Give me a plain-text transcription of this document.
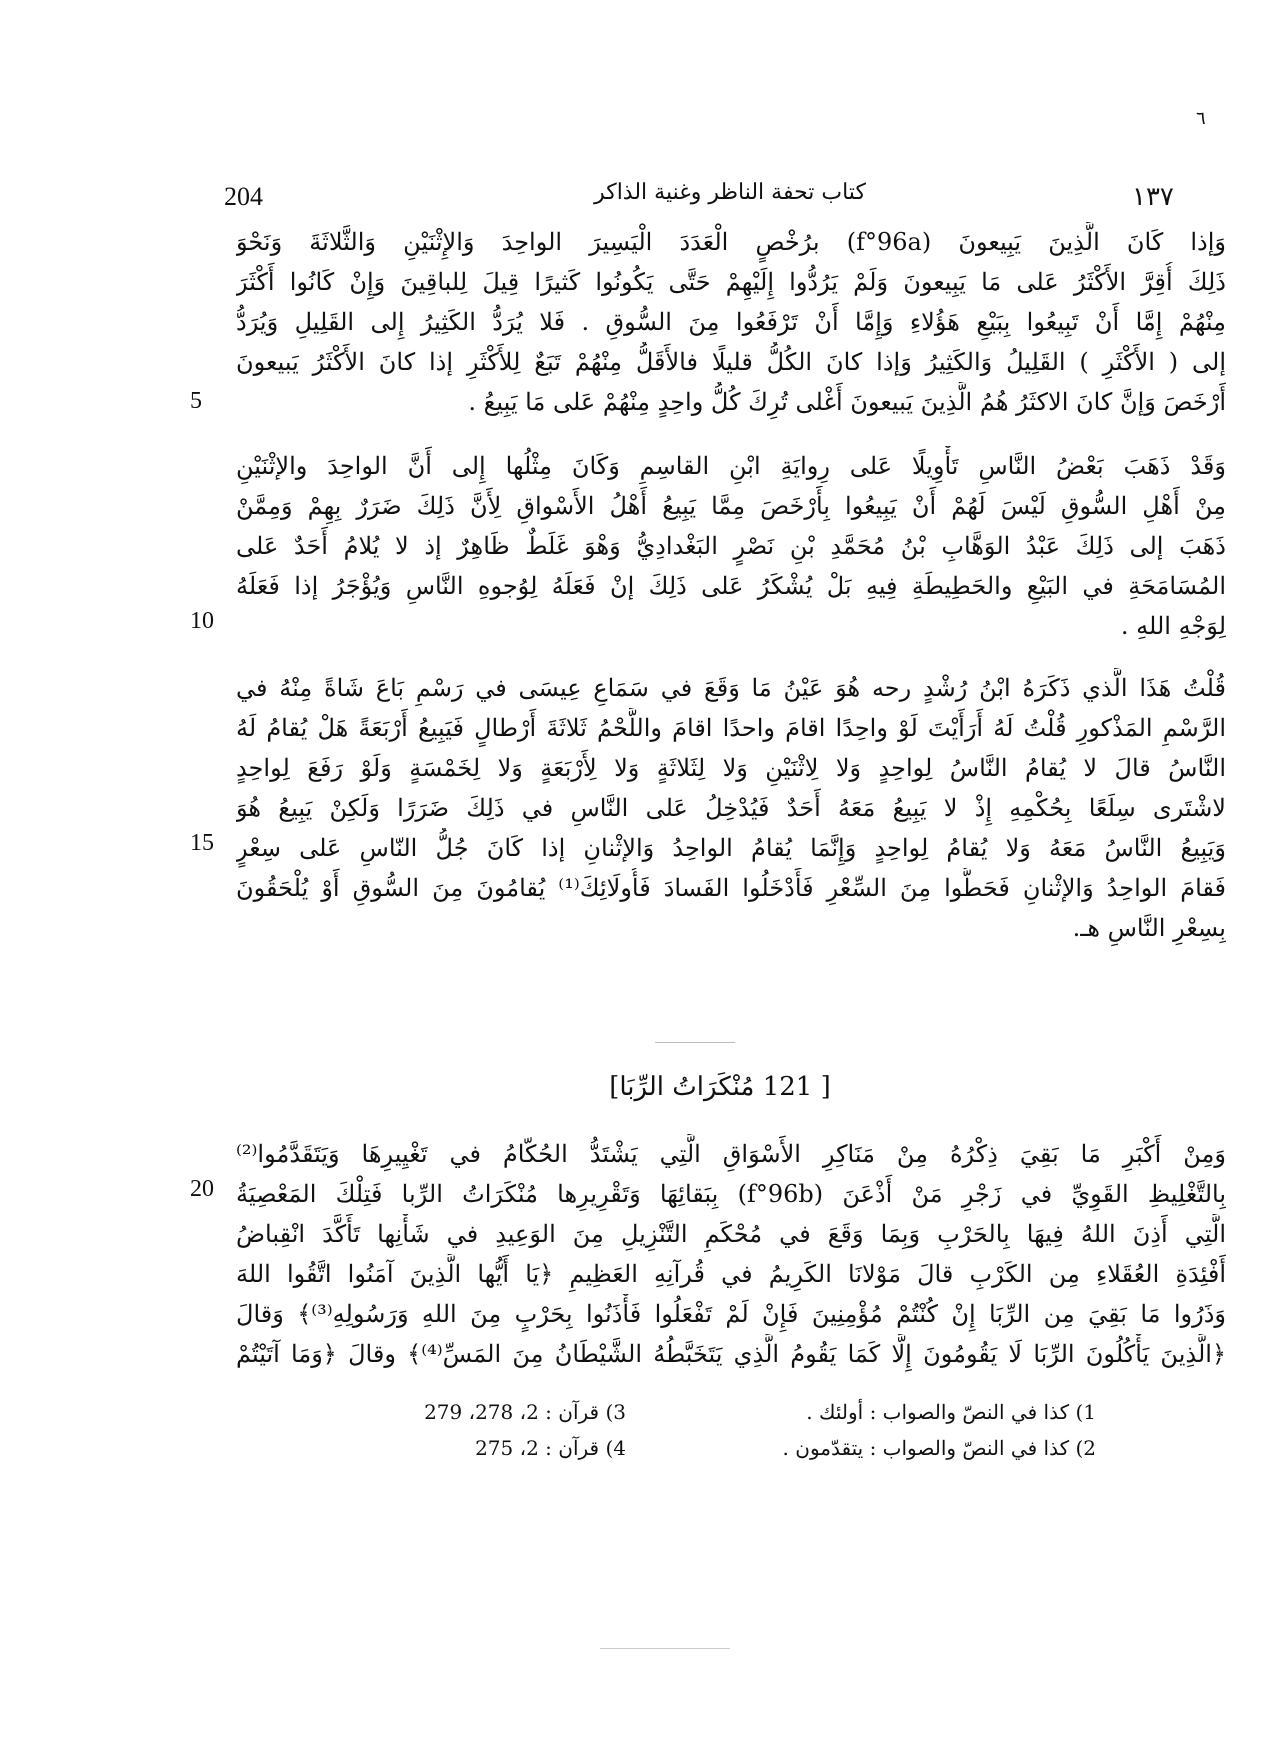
٦
204	كتاب تحفة الناظر وغنية الذاكر	١٣٧
وَإذا كَانَ الَّذِينَ يَبِيعونَ (f°96a) برُخْصٍ الْعَدَدَ الْيَسِيرَ الواحِدَ وَالإِثْنَيْنِ وَالثَّلاثَةَ وَنَحْوَ
ذَلِكَ أُقِرَّ الأَكْثَرُ عَلى مَا يَبِيعونَ وَلَمْ يَرُدُّوا إِلَيْهِمْ حَتَّى يَكُونُوا كَثيرًا قِيلَ لِلباقِينَ وَإِنْ كَانُوا أَكْثَرَ
مِنْهُمْ إِمَّا أَنْ تَبِيعُوا بِبَيْعِ هَؤُلاءِ وَإِمَّا أَنْ تَرْفَعُوا مِنَ السُّوقِ . فَلا يُرَدُّ الكَثِيرُ إِلى القَلِيلِ وَيُرَدُّ
إلى ( الأَكْثَرِ ) القَلِيلُ وَالكَثِيرُ وَإذا كانَ الكُلُّ قليلًا فالأَقَلُّ مِنْهُمْ تَبَعٌ لِلأَكْثَرِ إذا كانَ الأَكْثَرُ يَبيعونَ
أَرْخَصَ وَإنَّ كانَ الاكثَرُ هُمُ الَّذِينَ يَبيعونَ أَغْلى تُرِكَ كُلُّ واحِدٍ مِنْهُمْ عَلى مَا يَبِيعُ .
5
وَقَدْ ذَهَبَ بَعْضُ النَّاسِ تَأْوِيلًا عَلى رِوايَةِ ابْنِ القاسِمِ وَكَانَ مِثْلُها إِلى أَنَّ الواحِدَ والإثْنَيْنِ
مِنْ أَهْلِ السُّوقِ لَيْسَ لَهُمْ أَنْ يَبِيعُوا بِأَرْخَصَ مِمَّا يَبِيعُ أَهْلُ الأَسْواقِ لِأَنَّ ذَلِكَ ضَرَرٌ بِهِمْ وَمِمَّنْ
ذَهَبَ إلى ذَلِكَ عَبْدُ الوَهَّابِ بْنُ مُحَمَّدِ بْنِ نَصْرٍ البَغْدادِيُّ وَهْوَ غَلَطٌ ظَاهِرٌ إذ لا يُلامُ أَحَدٌ عَلى
المُسَامَحَةِ في البَيْعِ والحَطِيطَةِ فِيهِ بَلْ يُشْكَرُ عَلى ذَلِكَ إنْ فَعَلَهُ لِوُجوهِ النَّاسِ وَيُؤْجَرُ إذا فَعَلَهُ
لِوَجْهِ اللهِ .
10
قُلْتُ هَذَا الَّذي ذَكَرَهُ ابْنُ رُشْدٍ رحه هُوَ عَيْنُ مَا وَقَعَ في سَمَاعِ عِيسَى في رَسْمِ بَاعَ شَاةً مِنْهُ في
الرَّسْمِ المَذْكورِ قُلْتُ لَهُ أَرَأَيْتَ لَوْ واحِدًا اقامَ واحدًا اقامَ واللَّحْمُ ثَلاثَةَ أَرْطالٍ فَيَبِيعُ أَرْبَعَةً هَلْ يُقامُ لَهُ
النَّاسُ قالَ لا يُقامُ النَّاسُ لِواحِدٍ وَلا لِاثْنَيْنِ وَلا لِثَلاثَةٍ وَلا لِأَرْبَعَةٍ وَلا لِخَمْسَةٍ وَلَوْ رَفَعَ لِواحِدٍ
لاشْتَرى سِلَعًا بِحُكْمِهِ إِذْ لا يَبِيعُ مَعَهُ أَحَدٌ فَيُدْخِلُ عَلى النَّاسِ في ذَلِكَ ضَرَرًا وَلَكِنْ يَبِيعُ هُوَ
وَيَبِيعُ النَّاسُ مَعَهُ وَلا يُقامُ لِواحِدٍ وَإِنَّمَا يُقامُ الواحِدُ وَالإثْنانِ إذا كَانَ جُلُّ النّاسِ عَلى سِعْرٍ
15
فَقامَ الواحِدُ وَالإثْنانِ فَحَطُّوا مِنَ السِّعْرِ فَأَدْخَلُوا الفَسادَ فَأُولَائِكَ⁽¹⁾ يُقامُونَ مِنَ السُّوقِ أَوْ يُلْحَقُونَ
بِسِعْرِ النَّاسِ هـ.
[ 121 مُنْكَرَاتُ الرِّبَا]
وَمِنْ أَكْبَرِ مَا بَقِيَ ذِكْرُهُ مِنْ مَنَاكِرِ الأَسْوَاقِ الَّتِي يَشْتَدُّ الحُكّامُ في تَغْيِيرِهَا وَيَتَقَدَّمُوا⁽²⁾
بِالتَّغْلِيظِ القَوِيِّ في زَجْرِ مَنْ أَذْعَنَ (f°96b) بِبَقائِهَا وَتَقْرِيرِها مُنْكَرَاتُ الرِّبا فَتِلْكَ المَعْصِيَةُ
20
الَّتِي أَذِنَ اللهُ فِيهَا بِالحَرْبِ وَبِمَا وَقَعَ في مُحْكَمِ التَّنْزِيلِ مِنَ الوَعِيدِ في شَأْنِها تَأَكَّدَ انْقِباضُ
أَفْئِدَةِ العُقَلاءِ مِن الكَرْبِ قالَ مَوْلانَا الكَرِيمُ في قُرآنِهِ العَظِيمِ ﴿يَا أَيُّها الَّذِينَ آمَنُوا اتَّقُوا اللهَ
وَذَرُوا مَا بَقِيَ مِن الرِّبَا إِنْ كُنْتُمْ مُؤْمِنِينَ فَإِنْ لَمْ تَفْعَلُوا فَأْذَنُوا بِحَرْبٍ مِنَ اللهِ وَرَسُولِهِ⁽³⁾﴾ وَقالَ
﴿الَّذِينَ يَأْكُلُونَ الرِّبَا لَا يَقُومُونَ إِلَّا كَمَا يَقُومُ الَّذِي يَتَخَبَّطُهُ الشَّيْطَانُ مِنَ المَسِّ⁽⁴⁾﴾ وقالَ ﴿وَمَا آتَيْتُمْ
1) كذا في النصّ والصواب : أولئك .
2) كذا في النصّ والصواب : يتقدّمون .
3) قرآن : 2، 278، 279
4) قرآن : 2، 275
